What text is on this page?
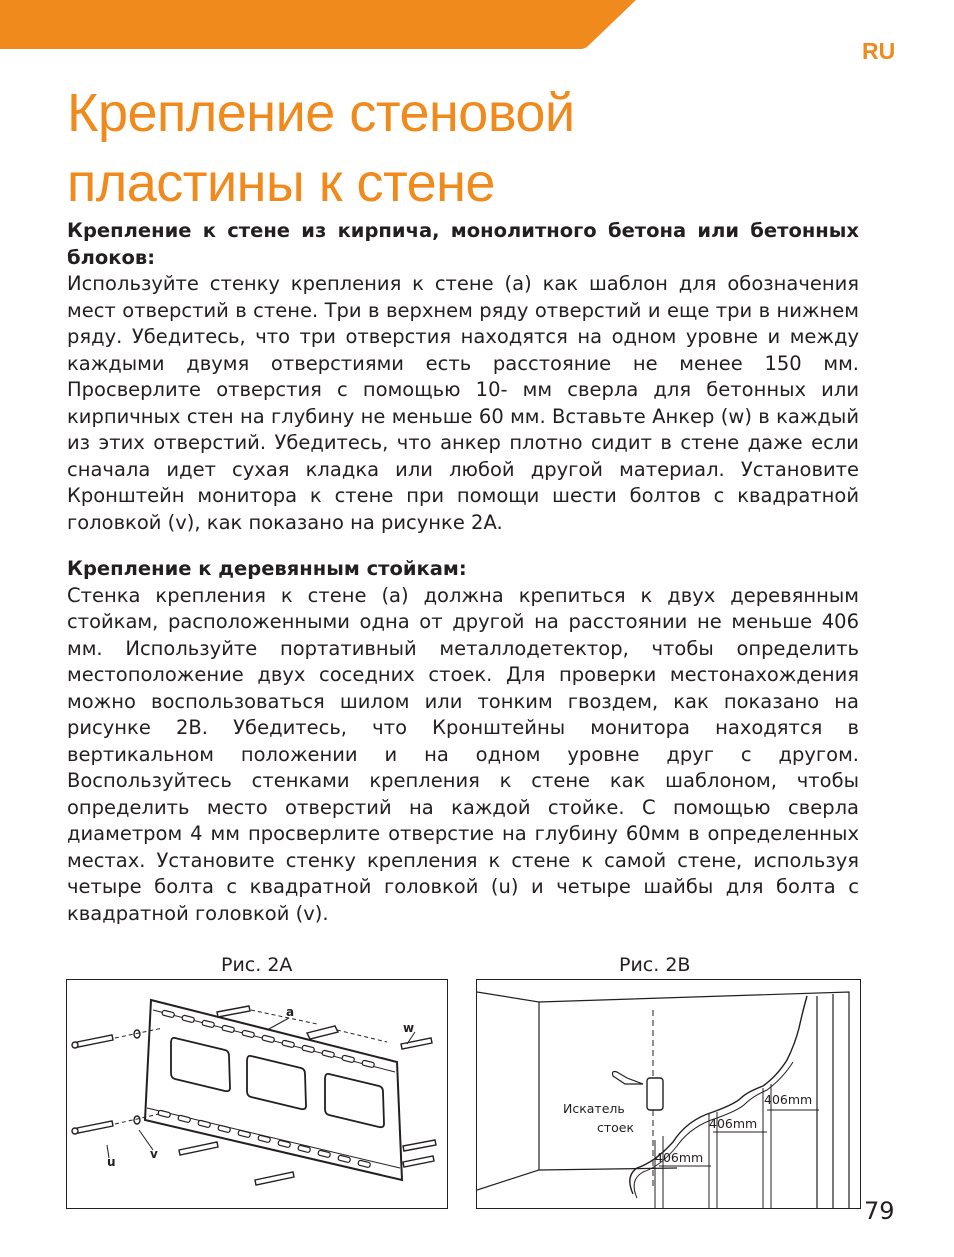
RU
Крепление стеновой
пластины к стене
Крепление к стене из кирпича, монолитного бетона или бетонных блоков:

Используйте стенку крепления к стене (a) как шаблон для обозначения мест отверстий в стене. Три в верхнем ряду отверстий и еще три в нижнем ряду. Убедитесь, что три отверстия находятся на одном уровне и между каждыми двумя отверстиями есть расстояние не менее 150 мм. Просверлите отверстия с помощью 10- мм сверла для бетонных или кирпичных стен на глубину не меньше 60 мм. Вставьте Анкер (w) в каждый из этих отверстий. Убедитесь, что анкер плотно сидит в стене даже если сначала идет сухая кладка или любой другой материал. Установите Кронштейн монитора к стене при помощи шести болтов с квадратной головкой (v), как показано на рисунке 2A.

Крепление к деревянным стойкам:

Стенка крепления к стене (a) должна крепиться к двух деревянным стойкам, расположенными одна от другой на расстоянии не меньше 406 мм. Используйте портативный металлодетектор, чтобы определить местоположение двух соседних стоек. Для проверки местонахождения можно воспользоваться шилом или тонким гвоздем, как показано на рисунке 2B. Убедитесь, что Кронштейны монитора находятся в вертикальном положении и на одном уровне друг с другом. Воспользуйтесь стенками крепления к стене как шаблоном, чтобы определить место отверстий на каждой стойке. С помощью сверла диаметром 4 мм просверлите отверстие на глубину 60мм в определенных местах. Установите стенку крепления к стене к самой стене, используя четыре болта с квадратной головкой (u) и четыре шайбы для болта с квадратной головкой (v).

Рис. 2A	Рис. 2B
a
w
u
v
Искатель
стоек
406mm
406mm
406mm
79
